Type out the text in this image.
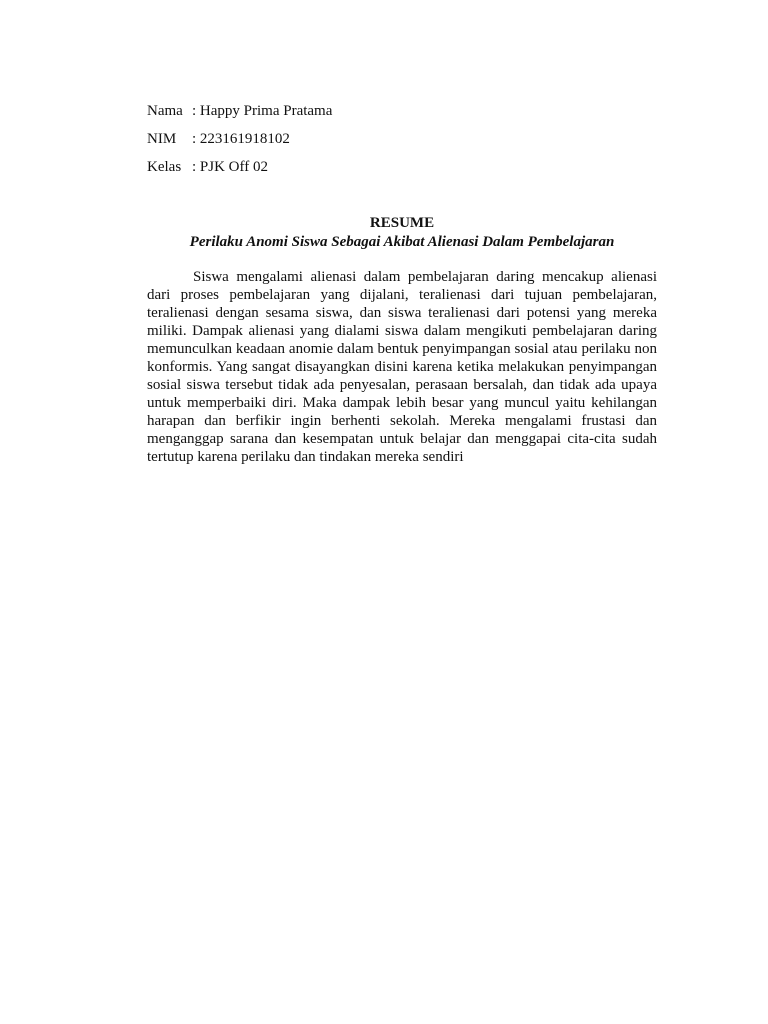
Nama : Happy Prima Pratama
NIM	: 223161918102
Kelas : PJK Off 02
RESUME
Perilaku Anomi Siswa Sebagai Akibat Alienasi Dalam Pembelajaran

Siswa mengalami alienasi dalam pembelajaran daring mencakup alienasi dari proses pembelajaran yang dijalani, teralienasi dari tujuan pembelajaran, teralienasi dengan sesama siswa, dan siswa teralienasi dari potensi yang mereka miliki. Dampak alienasi yang dialami siswa dalam mengikuti pembelajaran daring memunculkan keadaan anomie dalam bentuk penyimpangan sosial atau perilaku non konformis. Yang sangat disayangkan disini karena ketika melakukan penyimpangan sosial siswa tersebut tidak ada penyesalan, perasaan bersalah, dan tidak ada upaya untuk memperbaiki diri. Maka dampak lebih besar yang muncul yaitu kehilangan harapan dan berfikir ingin berhenti sekolah. Mereka mengalami frustasi dan menganggap sarana dan kesempatan untuk belajar dan menggapai cita-cita sudah tertutup karena perilaku dan tindakan mereka sendiri
